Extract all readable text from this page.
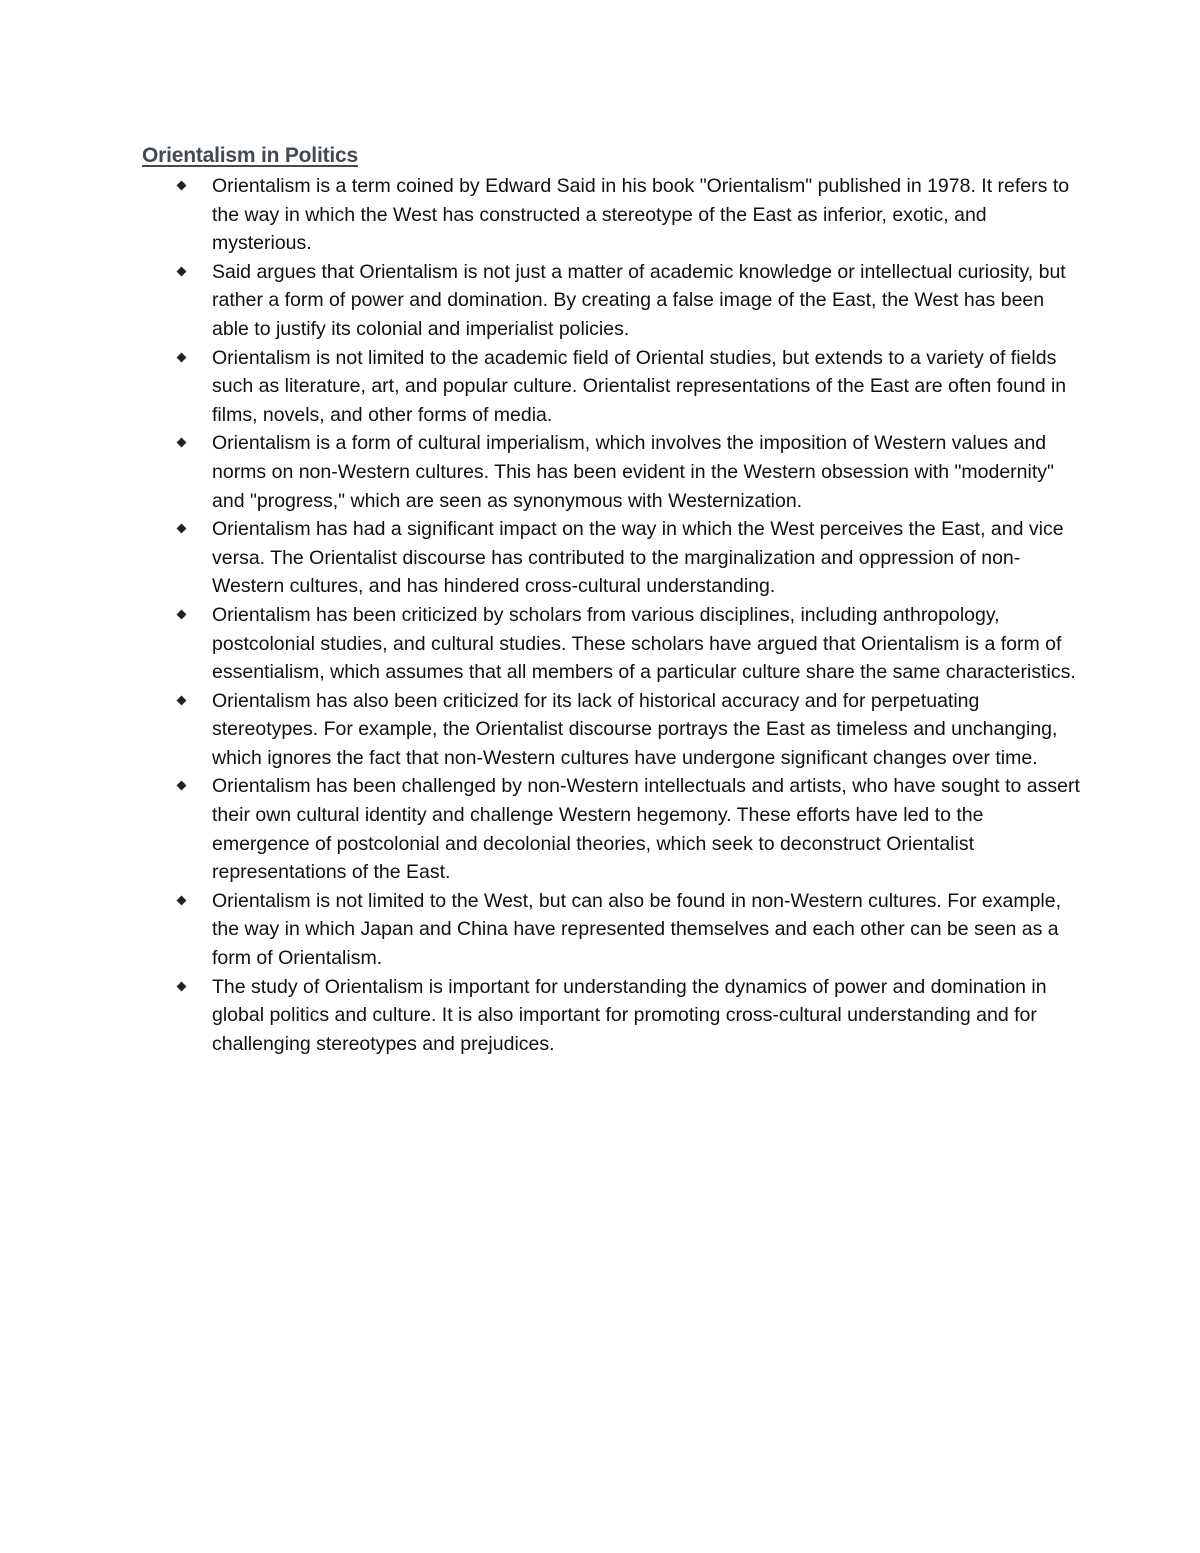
Orientalism in Politics
Orientalism is a term coined by Edward Said in his book "Orientalism" published in 1978. It refers to the way in which the West has constructed a stereotype of the East as inferior, exotic, and mysterious.
Said argues that Orientalism is not just a matter of academic knowledge or intellectual curiosity, but rather a form of power and domination. By creating a false image of the East, the West has been able to justify its colonial and imperialist policies.
Orientalism is not limited to the academic field of Oriental studies, but extends to a variety of fields such as literature, art, and popular culture. Orientalist representations of the East are often found in films, novels, and other forms of media.
Orientalism is a form of cultural imperialism, which involves the imposition of Western values and norms on non-Western cultures. This has been evident in the Western obsession with "modernity" and "progress," which are seen as synonymous with Westernization.
Orientalism has had a significant impact on the way in which the West perceives the East, and vice versa. The Orientalist discourse has contributed to the marginalization and oppression of non-Western cultures, and has hindered cross-cultural understanding.
Orientalism has been criticized by scholars from various disciplines, including anthropology, postcolonial studies, and cultural studies. These scholars have argued that Orientalism is a form of essentialism, which assumes that all members of a particular culture share the same characteristics.
Orientalism has also been criticized for its lack of historical accuracy and for perpetuating stereotypes. For example, the Orientalist discourse portrays the East as timeless and unchanging, which ignores the fact that non-Western cultures have undergone significant changes over time.
Orientalism has been challenged by non-Western intellectuals and artists, who have sought to assert their own cultural identity and challenge Western hegemony. These efforts have led to the emergence of postcolonial and decolonial theories, which seek to deconstruct Orientalist representations of the East.
Orientalism is not limited to the West, but can also be found in non-Western cultures. For example, the way in which Japan and China have represented themselves and each other can be seen as a form of Orientalism.
The study of Orientalism is important for understanding the dynamics of power and domination in global politics and culture. It is also important for promoting cross-cultural understanding and for challenging stereotypes and prejudices.
